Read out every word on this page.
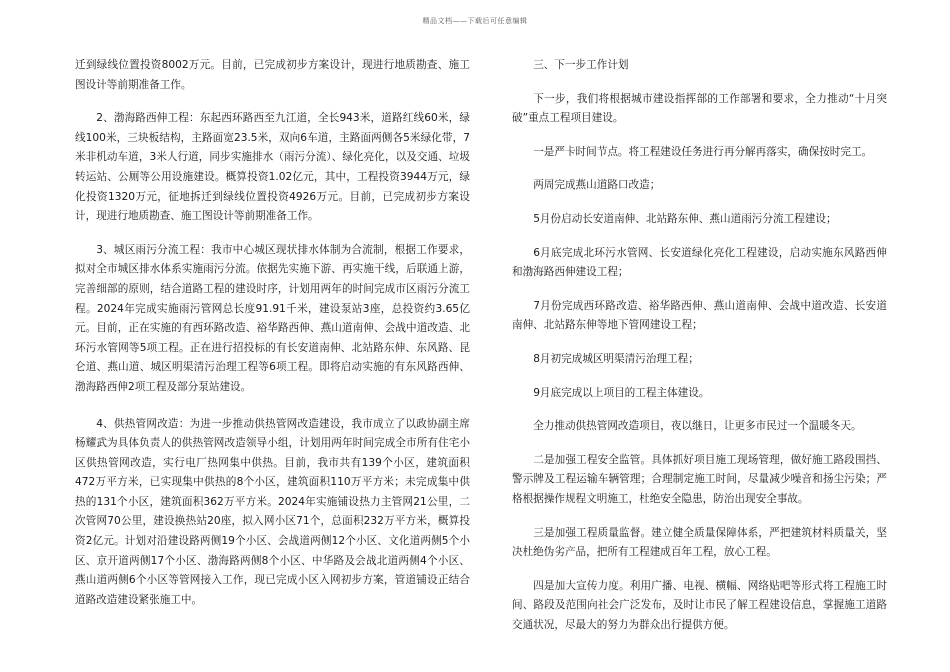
精品文档——下载后可任意编辑

迁到绿线位置投资8002万元。目前，已完成初步方案设计，现进行地质勘查、施工图设计等前期准备工作。

2、渤海路西伸工程：东起西环路西至九江道，全长943米，道路红线60米，绿线100米，三块板结构，主路面宽23.5米，双向6车道，主路面两侧各5米绿化带，7米非机动车道，3米人行道，同步实施排水（雨污分流）、绿化亮化，以及交通、垃圾转运站、公厕等公用设施建设。概算投资1.02亿元，其中，工程投资3944万元，绿化投资1320万元，征地拆迁到绿线位置投资4926万元。目前，已完成初步方案设计，现进行地质勘查、施工图设计等前期准备工作。

3、城区雨污分流工程：我市中心城区现状排水体制为合流制，根据工作要求，拟对全市城区排水体系实施雨污分流。依据先实施下游、再实施干线，后联通上游，完善细部的原则，结合道路工程的建设时序，计划用两年的时间完成市区雨污分流工程。2024年完成实施雨污管网总长度91.91千米，建设泵站3座，总投资约3.65亿元。目前，正在实施的有西环路改造、裕华路西伸、燕山道南伸、会战中道改造、北环污水管网等5项工程。正在进行招投标的有长安道南伸、北站路东伸、东风路、昆仑道、燕山道、城区明渠清污治理工程等6项工程。即将启动实施的有东风路西伸、渤海路西伸2项工程及部分泵站建设。

4、供热管网改造：为进一步推动供热管网改造建设，我市成立了以政协副主席杨耀武为具体负责人的供热管网改造领导小组，计划用两年时间完成全市所有住宅小区供热管网改造，实行电厂热网集中供热。目前，我市共有139个小区，建筑面积472万平方米，已实现集中供热的8个小区，建筑面积110万平方米；未完成集中供热的131个小区，建筑面积362万平方米。2024年实施铺设热力主管网21公里，二次管网70公里，建设换热站20座，拟入网小区71个，总面积232万平方米，概算投资2亿元。计划对沿建设路两侧19个小区、会战道两侧12个小区、文化道两侧5个小区、京开道两侧17个小区、渤海路两侧8个小区、中华路及会战北道两侧4个小区、燕山道两侧6个小区等管网接入工作，现已完成小区入网初步方案，管道铺设正结合道路改造建设紧张施工中。

三、下一步工作计划

下一步，我们将根据城市建设指挥部的工作部署和要求，全力推动“十月突破”重点工程项目建设。

一是严卡时间节点。将工程建设任务进行再分解再落实，确保按时完工。

两周完成燕山道路口改造；

5月份启动长安道南伸、北站路东伸、燕山道雨污分流工程建设；

6月底完成北环污水管网、长安道绿化亮化工程建设，启动实施东风路西伸和渤海路西伸建设工程；

7月份完成西环路改造、裕华路西伸、燕山道南伸、会战中道改造、长安道南伸、北站路东伸等地下管网建设工程；

8月初完成城区明渠清污治理工程；

9月底完成以上项目的工程主体建设。

全力推动供热管网改造项目，夜以继日，让更多市民过一个温暖冬天。

二是加强工程安全监管。具体抓好项目施工现场管理，做好施工路段围挡、警示牌及工程运输车辆管理；合理制定施工时间，尽量减少噪音和扬尘污染；严格根据操作规程文明施工，杜绝安全隐患，防治出现安全事故。

三是加强工程质量监督。建立健全质量保障体系，严把建筑材料质量关，坚决杜绝伪劣产品，把所有工程建成百年工程，放心工程。

四是加大宣传力度。利用广播、电视、横幅、网络贴吧等形式将工程施工时间、路段及范围向社会广泛发布，及时让市民了解工程建设信息，掌握施工道路交通状况，尽最大的努力为群众出行提供方便。
